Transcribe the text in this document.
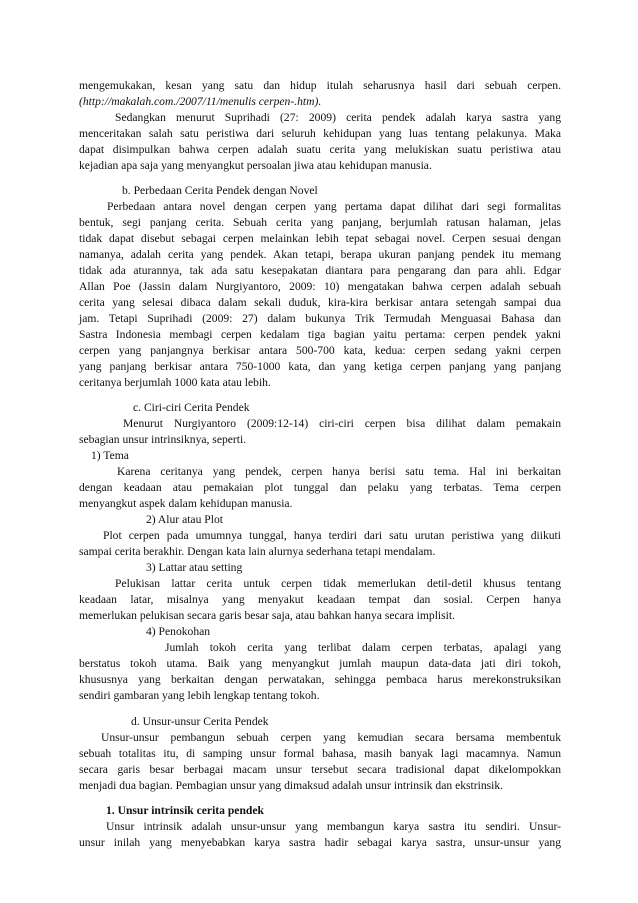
mengemukakan, kesan yang satu dan hidup itulah seharusnya hasil dari sebuah cerpen.
(http://makalah.com./2007/11/menulis cerpen-.htm).
Sedangkan menurut Suprihadi (27: 2009) cerita pendek adalah karya sastra yang
menceritakan salah satu peristiwa dari seluruh kehidupan yang luas tentang pelakunya. Maka
dapat disimpulkan bahwa cerpen adalah suatu cerita yang melukiskan suatu peristiwa atau
kejadian apa saja yang menyangkut persoalan jiwa atau kehidupan manusia.
b. Perbedaan Cerita Pendek dengan Novel
Perbedaan antara novel dengan cerpen yang pertama dapat dilihat dari segi formalitas
bentuk, segi panjang cerita. Sebuah cerita yang panjang, berjumlah ratusan halaman, jelas
tidak dapat disebut sebagai cerpen melainkan lebih tepat sebagai novel. Cerpen sesuai dengan
namanya, adalah cerita yang pendek. Akan tetapi, berapa ukuran panjang pendek itu memang
tidak ada aturannya, tak ada satu kesepakatan diantara para pengarang dan para ahli. Edgar
Allan Poe (Jassin dalam Nurgiyantoro, 2009: 10) mengatakan bahwa cerpen adalah sebuah
cerita yang selesai dibaca dalam sekali duduk, kira-kira berkisar antara setengah sampai dua
jam. Tetapi Suprihadi (2009: 27) dalam bukunya Trik Termudah Menguasai Bahasa dan
Sastra Indonesia membagi cerpen kedalam tiga bagian yaitu pertama: cerpen pendek yakni
cerpen yang panjangnya berkisar antara 500-700 kata, kedua: cerpen sedang yakni cerpen
yang panjang berkisar antara 750-1000 kata, dan yang ketiga cerpen panjang yang panjang
ceritanya berjumlah 1000 kata atau lebih.
c. Ciri-ciri Cerita Pendek
Menurut Nurgiyantoro (2009:12-14) ciri-ciri cerpen bisa dilihat dalam pemakain
sebagian unsur intrinsiknya, seperti.
1) Tema
Karena ceritanya yang pendek, cerpen hanya berisi satu tema. Hal ini berkaitan
dengan keadaan atau pemakaian plot tunggal dan pelaku yang terbatas. Tema cerpen
menyangkut aspek dalam kehidupan manusia.
2) Alur atau Plot
Plot cerpen pada umumnya tunggal, hanya terdiri dari satu urutan peristiwa yang diikuti
sampai cerita berakhir. Dengan kata lain alurnya sederhana tetapi mendalam.
3) Lattar atau setting
Pelukisan lattar cerita untuk cerpen tidak memerlukan detil-detil khusus tentang
keadaan latar, misalnya yang menyakut keadaan tempat dan sosial. Cerpen hanya
memerlukan pelukisan secara garis besar saja, atau bahkan hanya secara implisit.
4) Penokohan
Jumlah tokoh cerita yang terlibat dalam cerpen terbatas, apalagi yang
berstatus tokoh utama. Baik yang menyangkut jumlah maupun data-data jati diri tokoh,
khususnya yang berkaitan dengan perwatakan, sehingga pembaca harus merekonstruksikan
sendiri gambaran yang lebih lengkap tentang tokoh.
d. Unsur-unsur Cerita Pendek
Unsur-unsur pembangun sebuah cerpen yang kemudian secara bersama membentuk
sebuah totalitas itu, di samping unsur formal bahasa, masih banyak lagi macamnya. Namun
secara garis besar berbagai macam unsur tersebut secara tradisional dapat dikelompokkan
menjadi dua bagian. Pembagian unsur yang dimaksud adalah unsur intrinsik dan ekstrinsik.
1. Unsur intrinsik cerita pendek
Unsur intrinsik adalah unsur-unsur yang membangun karya sastra itu sendiri. Unsur-
unsur inilah yang menyebabkan karya sastra hadir sebagai karya sastra, unsur-unsur yang
